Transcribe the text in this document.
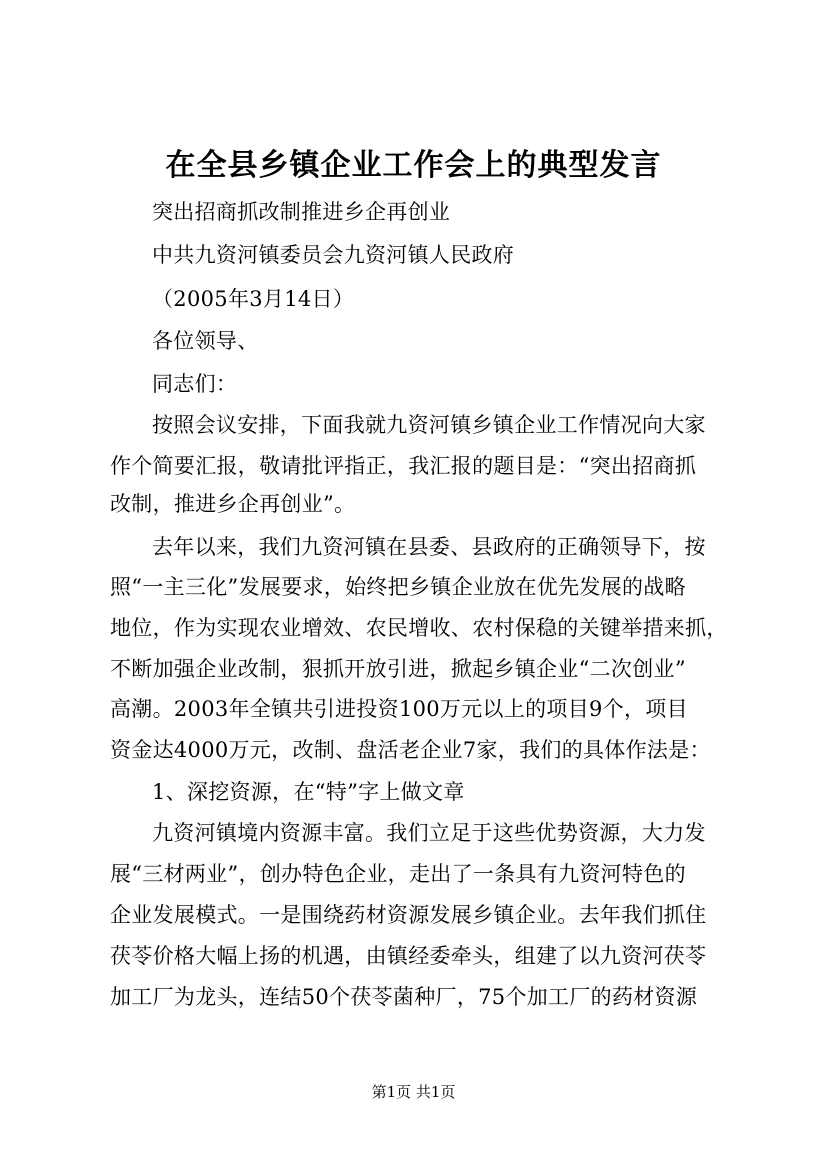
在全县乡镇企业工作会上的典型发言
突出招商抓改制推进乡企再创业
中共九资河镇委员会九资河镇人民政府
（2005年3月14日）
各位领导、
同志们：
按照会议安排，下面我就九资河镇乡镇企业工作情况向大家
作个简要汇报，敬请批评指正，我汇报的题目是：“突出招商抓
改制，推进乡企再创业”。
去年以来，我们九资河镇在县委、县政府的正确领导下，按
照“一主三化”发展要求，始终把乡镇企业放在优先发展的战略
地位，作为实现农业增效、农民增收、农村保稳的关键举措来抓，
不断加强企业改制，狠抓开放引进，掀起乡镇企业“二次创业”
高潮。2003年全镇共引进投资100万元以上的项目9个，项目
资金达4000万元，改制、盘活老企业7家，我们的具体作法是：
1、深挖资源，在“特”字上做文章
九资河镇境内资源丰富。我们立足于这些优势资源，大力发
展“三材两业”，创办特色企业，走出了一条具有九资河特色的
企业发展模式。一是围绕药材资源发展乡镇企业。去年我们抓住
茯苓价格大幅上扬的机遇，由镇经委牵头，组建了以九资河茯苓
加工厂为龙头，连结50个茯苓菌种厂，75个加工厂的药材资源
第1页 共1页
